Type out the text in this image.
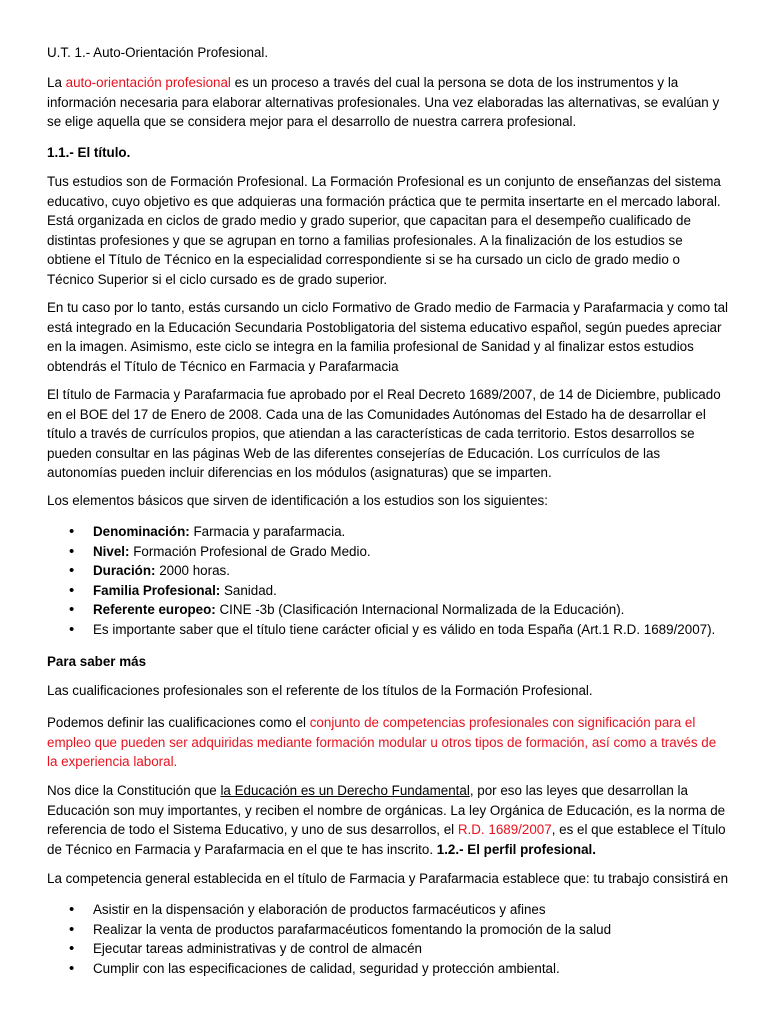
U.T. 1.- Auto-Orientación Profesional.

La auto-orientación profesional es un proceso a través del cual la persona se dota de los instrumentos y la información necesaria para elaborar alternativas profesionales. Una vez elaboradas las alternativas, se evalúan y se elige aquella que se considera mejor para el desarrollo de nuestra carrera profesional.

1.1.- El título.

Tus estudios son de Formación Profesional. La Formación Profesional es un conjunto de enseñanzas del sistema educativo, cuyo objetivo es que adquieras una formación práctica que te permita insertarte en el mercado laboral. Está organizada en ciclos de grado medio y grado superior, que capacitan para el desempeño cualificado de distintas profesiones y que se agrupan en torno a familias profesionales. A la finalización de los estudios se obtiene el Título de Técnico en la especialidad correspondiente si se ha cursado un ciclo de grado medio o Técnico Superior si el ciclo cursado es de grado superior.

En tu caso por lo tanto, estás cursando un ciclo Formativo de Grado medio de Farmacia y Parafarmacia y como tal está integrado en la Educación Secundaria Postobligatoria del sistema educativo español, según puedes apreciar en la imagen. Asimismo, este ciclo se integra en la familia profesional de Sanidad y al finalizar estos estudios obtendrás el Título de Técnico en Farmacia y Parafarmacia

El título de Farmacia y Parafarmacia fue aprobado por el Real Decreto 1689/2007, de 14 de Diciembre, publicado en el BOE del 17 de Enero de 2008. Cada una de las Comunidades Autónomas del Estado ha de desarrollar el título a través de currículos propios, que atiendan a las características de cada territorio. Estos desarrollos se pueden consultar en las páginas Web de las diferentes consejerías de Educación. Los currículos de las autonomías pueden incluir diferencias en los módulos (asignaturas) que se imparten.

Los elementos básicos que sirven de identificación a los estudios son los siguientes:

• Denominación: Farmacia y parafarmacia.
• Nivel: Formación Profesional de Grado Medio.
• Duración: 2000 horas.
• Familia Profesional: Sanidad.
• Referente europeo: CINE -3b (Clasificación Internacional Normalizada de la Educación).
• Es importante saber que el título tiene carácter oficial y es válido en toda España (Art.1 R.D. 1689/2007).

Para saber más

Las cualificaciones profesionales son el referente de los títulos de la Formación Profesional.

Podemos definir las cualificaciones como el conjunto de competencias profesionales con significación para el empleo que pueden ser adquiridas mediante formación modular u otros tipos de formación, así como a través de la experiencia laboral.

Nos dice la Constitución que la Educación es un Derecho Fundamental, por eso las leyes que desarrollan la Educación son muy importantes, y reciben el nombre de orgánicas. La ley Orgánica de Educación, es la norma de referencia de todo el Sistema Educativo, y uno de sus desarrollos, el R.D. 1689/2007, es el que establece el Título de Técnico en Farmacia y Parafarmacia en el que te has inscrito. 1.2.- El perfil profesional.

La competencia general establecida en el título de Farmacia y Parafarmacia establece que: tu trabajo consistirá en

• Asistir en la dispensación y elaboración de productos farmacéuticos y afines
• Realizar la venta de productos parafarmacéuticos fomentando la promoción de la salud
• Ejecutar tareas administrativas y de control de almacén
• Cumplir con las especificaciones de calidad, seguridad y protección ambiental.
